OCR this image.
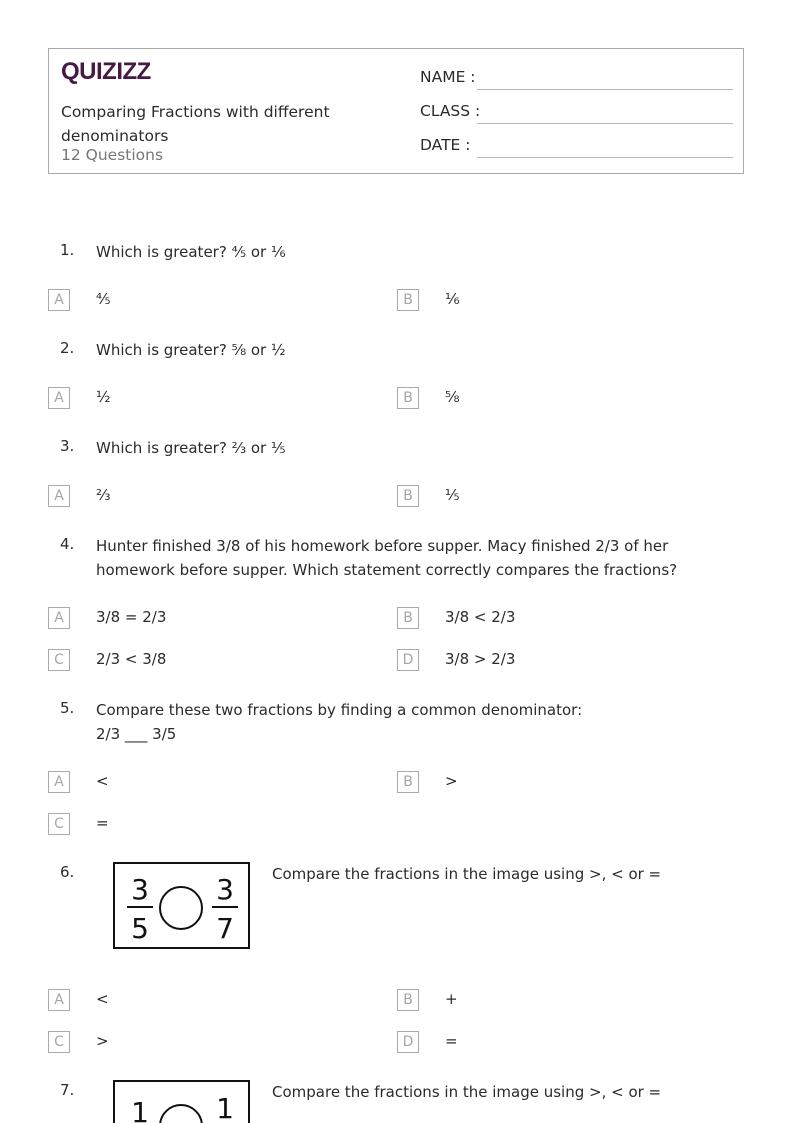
QUIZIZZ
Comparing Fractions with different denominators
12 Questions
NAME :
CLASS :
DATE :
1. Which is greater? ⅘ or ⅙
A	⅘	B	⅙
2. Which is greater? ⅝ or ½
A	½	B	⅝
3. Which is greater? ⅔ or ⅕
A	⅔	B	⅕
4. Hunter finished 3/8 of his homework before supper. Macy finished 2/3 of her homework before supper. Which statement correctly compares the fractions?
A	3/8 = 2/3	B	3/8 < 2/3
C	2/3 < 3/8	D	3/8 > 2/3
5. Compare these two fractions by finding a common denominator:
2/3 ___ 3/5
A	<	B	>
C	=
6.	Compare the fractions in the image using >, < or =
3
5
3
7
A	<	B	+
C	>	D	=
7.	Compare the fractions in the image using >, < or =
1 1
